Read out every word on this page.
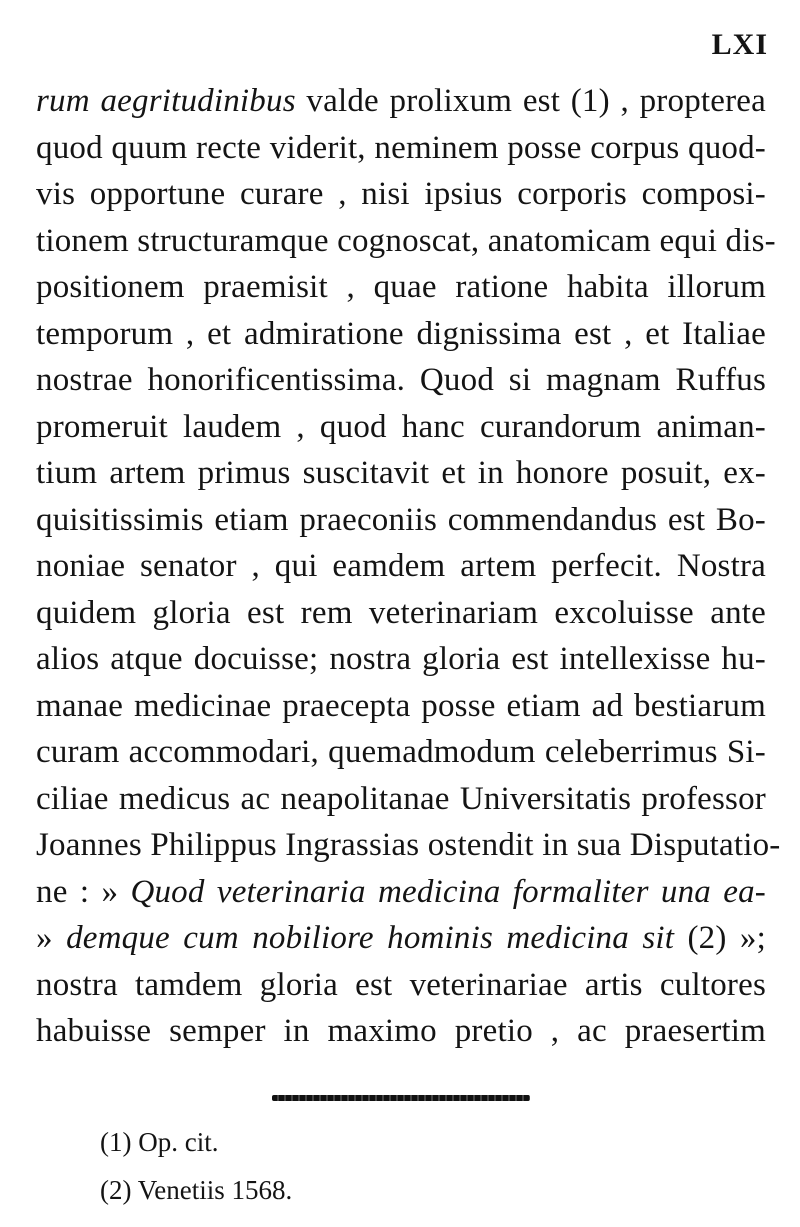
LXI
rum aegritudinibus valde prolixum est (1) , propterea
quod quum recte viderit, neminem posse corpus quod-
vis opportune curare , nisi ipsius corporis composi-
tionem structuramque cognoscat, anatomicam equi dis-
positionem praemisit , quae ratione habita illorum
temporum , et admiratione dignissima est , et Italiae
nostrae honorificentissima. Quod si magnam Ruffus
promeruit laudem , quod hanc curandorum animan-
tium artem primus suscitavit et in honore posuit, ex-
quisitissimis etiam praeconiis commendandus est Bo-
noniae senator , qui eamdem artem perfecit. Nostra
quidem gloria est rem veterinariam excoluisse ante
alios atque docuisse; nostra gloria est intellexisse hu-
manae medicinae praecepta posse etiam ad bestiarum
curam accommodari, quemadmodum celeberrimus Si-
ciliae medicus ac neapolitanae Universitatis professor
Joannes Philippus Ingrassias ostendit in sua Disputatio-
ne : » Quod veterinaria medicina formaliter una ea-
» demque cum nobiliore hominis medicina sit (2) »;
nostra tamdem gloria est veterinariae artis cultores
habuisse semper in maximo pretio , ac praesertim
(1) Op. cit.
(2) Venetiis 1568.
